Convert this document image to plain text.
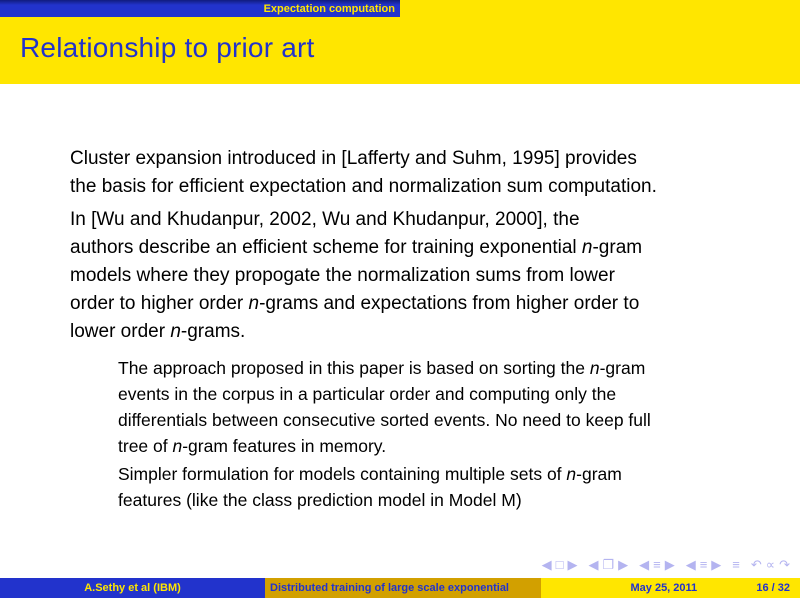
Expectation computation
Relationship to prior art
Cluster expansion introduced in [Lafferty and Suhm, 1995] provides
the basis for efficient expectation and normalization sum computation.
In [Wu and Khudanpur, 2002, Wu and Khudanpur, 2000], the
authors describe an efficient scheme for training exponential n-gram
models where they propogate the normalization sums from lower
order to higher order n-grams and expectations from higher order to
lower order n-grams.
The approach proposed in this paper is based on sorting the n-gram
events in the corpus in a particular order and computing only the
differentials between consecutive sorted events. No need to keep full
tree of n-gram features in memory.
Simpler formulation for models containing multiple sets of n-gram
features (like the class prediction model in Model M)
◀ □ ▶ ◀ ❐ ▶ ◀ ≡ ▶ ◀ ≡ ▶ ≡ ↶ ∝ ↷
A.Sethy et al (IBM)	Distributed training of large scale exponential	May 25, 2011	16 / 32
